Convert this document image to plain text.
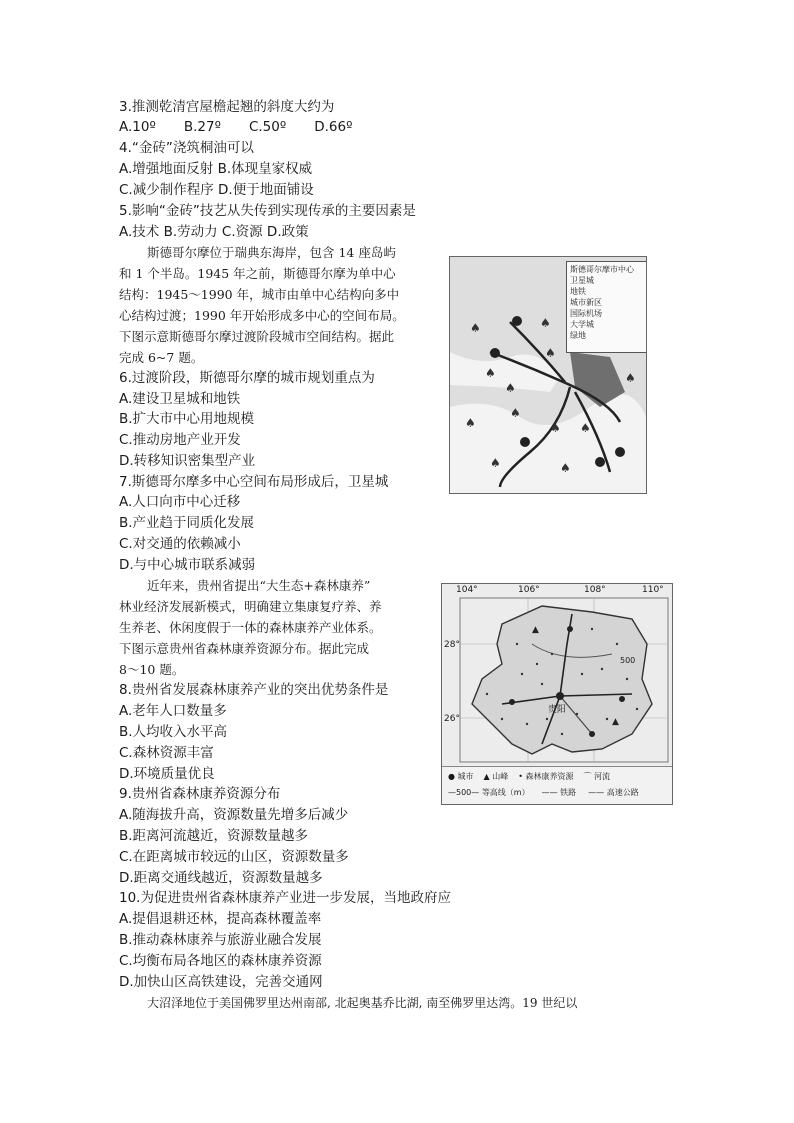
3.推测乾清宫屋檐起翘的斜度大约为
A.10º B.27º C.50º D.66º
4.“金砖”浇筑桐油可以
A.增强地面反射 B.体现皇家权威
C.减少制作程序 D.便于地面铺设
5.影响“金砖”技艺从失传到实现传承的主要因素是
A.技术 B.劳动力 C.资源 D.政策
斯德哥尔摩位于瑞典东海岸，包含 14 座岛屿
和 1 个半岛。1945 年之前，斯德哥尔摩为单中心
结构：1945～1990 年，城市由单中心结构向多中
心结构过渡；1990 年开始形成多中心的空间布局。
下图示意斯德哥尔摩过渡阶段城市空间结构。据此
完成 6~7 题。
♠
♠
♠
♠
♠
♠
♠
♠
♠	♠
♠
♠
斯德哥尔摩市中心
卫星城
地铁
城市新区
国际机场
大学城
绿地
6.过渡阶段，斯德哥尔摩的城市规划重点为
A.建设卫星城和地铁
B.扩大市中心用地规模
C.推动房地产业开发
D.转移知识密集型产业
7.斯德哥尔摩多中心空间布局形成后，卫星城
A.人口向市中心迁移
B.产业趋于同质化发展
C.对交通的依赖减小
D.与中心城市联系减弱
近年来，贵州省提出“大生态+森林康养”
林业经济发展新模式，明确建立集康复疗养、养
生养老、休闲度假于一体的森林康养产业体系。
下图示意贵州省森林康养资源分布。据此完成
8～10 题。
104°	106°	108°	110°
28°
26°
▲
▲
贵阳
500
● 城市 ▲ 山峰 • 森林康养资源 ⌒ 河流
—500— 等高线（m） —— 铁路 —— 高速公路
8.贵州省发展森林康养产业的突出优势条件是
A.老年人口数量多
B.人均收入水平高
C.森林资源丰富
D.环境质量优良
9.贵州省森林康养资源分布
A.随海拔升高，资源数量先增多后减少
B.距离河流越近，资源数量越多
C.在距离城市较远的山区，资源数量多
D.距离交通线越近，资源数量越多
10.为促进贵州省森林康养产业进一步发展，当地政府应
A.提倡退耕还林，提高森林覆盖率
B.推动森林康养与旅游业融合发展
C.均衡布局各地区的森林康养资源
D.加快山区高铁建设，完善交通网
大沼泽地位于美国佛罗里达州南部, 北起奥基乔比湖, 南至佛罗里达湾。19 世纪以
